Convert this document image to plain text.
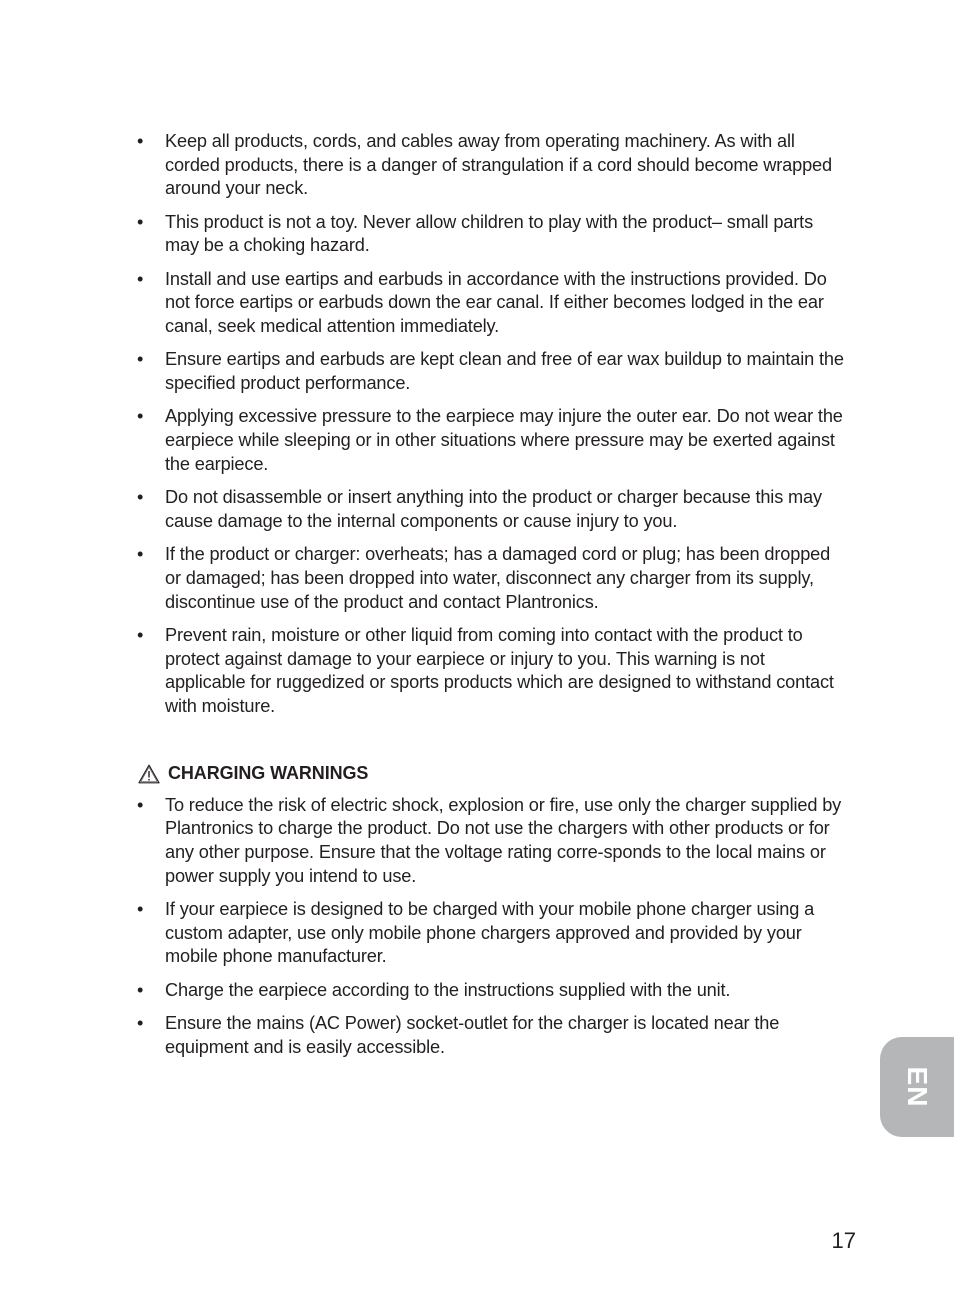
•	Keep all products, cords, and cables away from operating machinery. As with all corded products, there is a danger of strangulation if a cord should become wrapped around your neck.
•	This product is not a toy. Never allow children to play with the product– small parts may be a choking hazard.
•	Install and use eartips and earbuds in accordance with the instructions provided. Do not force eartips or earbuds down the ear canal. If either becomes lodged in the ear canal, seek medical attention immediately.
•	Ensure eartips and earbuds are kept clean and free of ear wax buildup to maintain the specified product performance.
•	Applying excessive pressure to the earpiece may injure the outer ear. Do not wear the earpiece while sleeping or in other situations where pressure may be exerted against the earpiece.
•	Do not disassemble or insert anything into the product or charger because this may cause damage to the internal components or cause injury to you.
•	If the product or charger: overheats; has a damaged cord or plug; has been dropped or damaged; has been dropped into water, disconnect any charger from its supply, discontinue use of the product and contact Plantronics.
•	Prevent rain, moisture or other liquid from coming into contact with the product to protect against damage to your earpiece or injury to you. This warning is not applicable for ruggedized or sports products which are designed to withstand contact with moisture.
CHARGING WARNINGS
•	To reduce the risk of electric shock, explosion or fire, use only the charger supplied by Plantronics to charge the product. Do not use the chargers with other products or for any other purpose. Ensure that the voltage rating corre-sponds to the local mains or power supply you intend to use.
•	If your earpiece is designed to be charged with your mobile phone charger using a custom adapter, use only mobile phone chargers approved and provided by your mobile phone manufacturer.
•	Charge the earpiece according to the instructions supplied with the unit.
•	Ensure the mains (AC Power) socket-outlet for the charger is located near the equipment and is easily accessible.
EN
17
